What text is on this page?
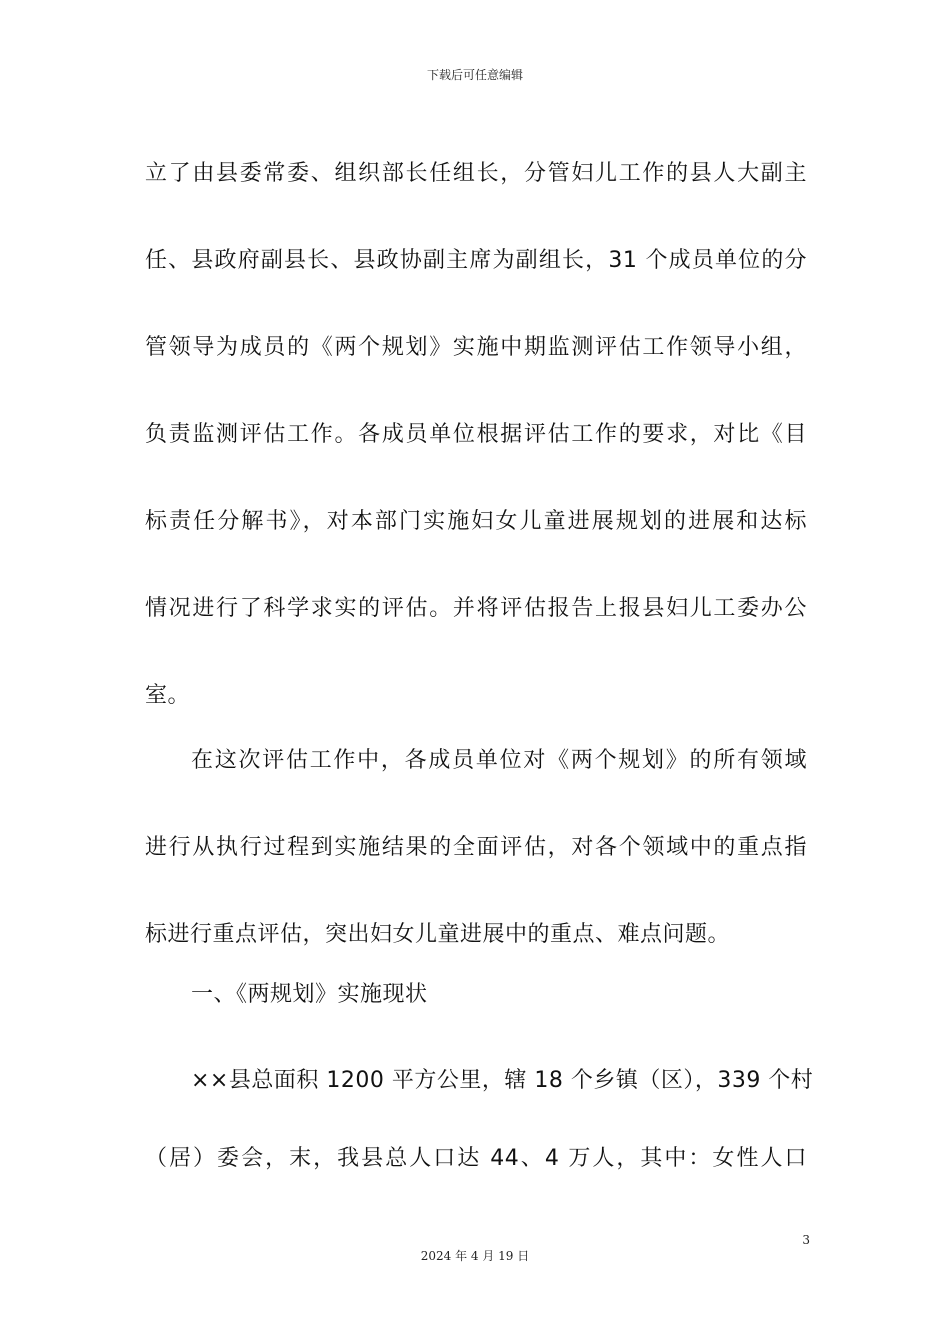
下载后可任意编辑
立了由县委常委、组织部长任组长，分管妇儿工作的县人大副主
任、县政府副县长、县政协副主席为副组长，31 个成员单位的分
管领导为成员的《两个规划》实施中期监测评估工作领导小组，
负责监测评估工作。各成员单位根据评估工作的要求，对比《目
标责任分解书》，对本部门实施妇女儿童进展规划的进展和达标
情况进行了科学求实的评估。并将评估报告上报县妇儿工委办公
室。
在这次评估工作中，各成员单位对《两个规划》的所有领域
进行从执行过程到实施结果的全面评估，对各个领域中的重点指
标进行重点评估，突出妇女儿童进展中的重点、难点问题。
一、《两规划》实施现状
××县总面积 1200 平方公里，辖 18 个乡镇（区），339 个村
（居）委会，末，我县总人口达 44、4 万人，其中：女性人口
3
2024 年 4 月 19 日
